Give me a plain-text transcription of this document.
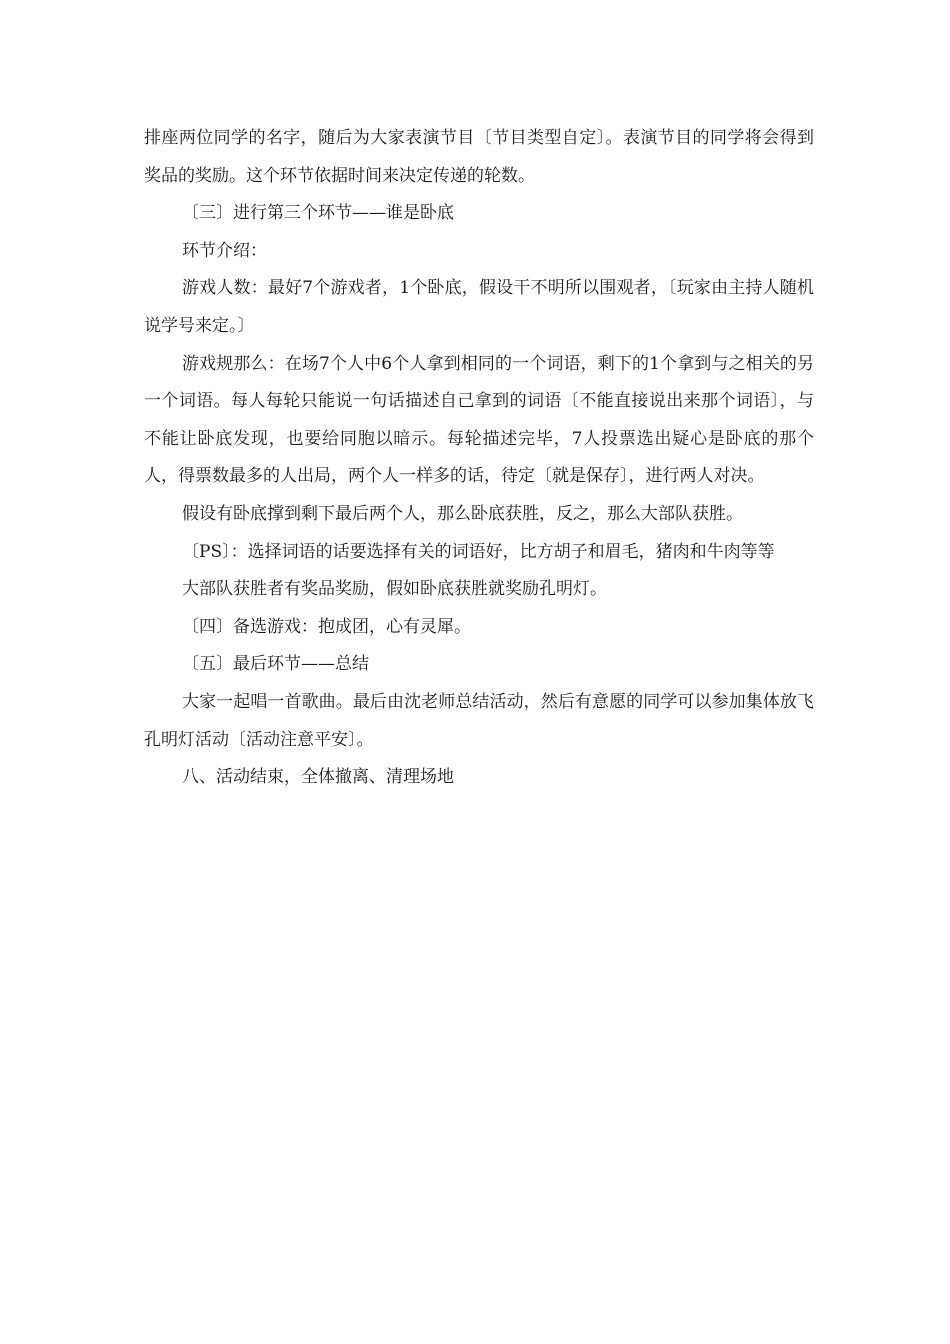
排座两位同学的名字，随后为大家表演节目〔节目类型自定〕。表演节目的同学将会得到奖品的奖励。这个环节依据时间来决定传递的轮数。

〔三〕进行第三个环节——谁是卧底

环节介绍：

游戏人数：最好7个游戏者，1个卧底，假设干不明所以围观者，〔玩家由主持人随机说学号来定。〕

游戏规那么：在场7个人中6个人拿到相同的一个词语，剩下的1个拿到与之相关的另一个词语。每人每轮只能说一句话描述自己拿到的词语〔不能直接说出来那个词语〕，与不能让卧底发现，也要给同胞以暗示。每轮描述完毕，7人投票选出疑心是卧底的那个人，得票数最多的人出局，两个人一样多的话，待定〔就是保存〕，进行两人对决。

假设有卧底撑到剩下最后两个人，那么卧底获胜，反之，那么大部队获胜。

〔PS〕：选择词语的话要选择有关的词语好，比方胡子和眉毛，猪肉和牛肉等等

大部队获胜者有奖品奖励，假如卧底获胜就奖励孔明灯。

〔四〕备选游戏：抱成团，心有灵犀。

〔五〕最后环节——总结

大家一起唱一首歌曲。最后由沈老师总结活动，然后有意愿的同学可以参加集体放飞孔明灯活动〔活动注意平安〕。

八、活动结束，全体撤离、清理场地
